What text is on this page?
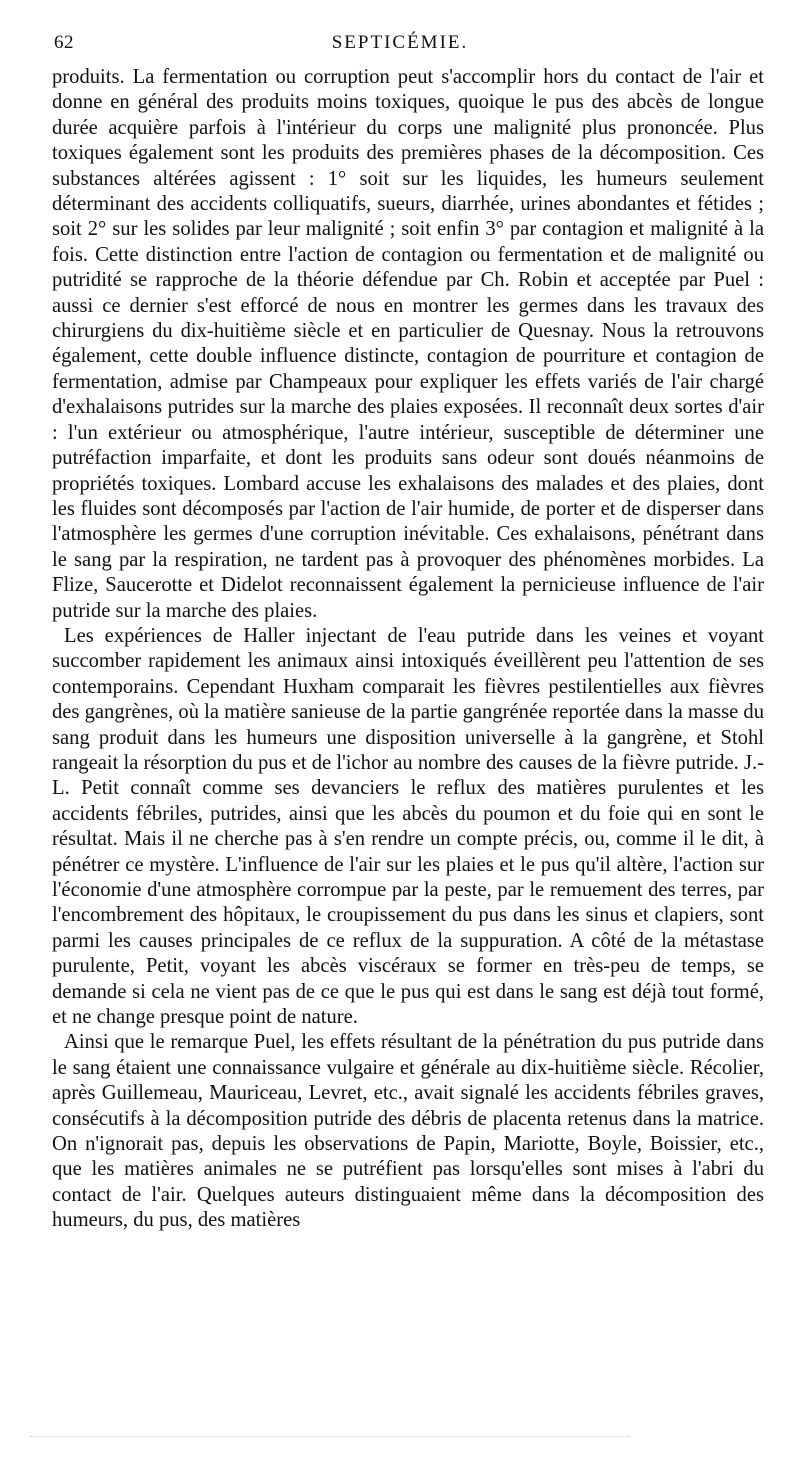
62	SEPTICÉMIE.

produits. La fermentation ou corruption peut s'accomplir hors du contact de l'air et donne en général des produits moins toxiques, quoique le pus des abcès de longue durée acquière parfois à l'intérieur du corps une malignité plus prononcée. Plus toxiques également sont les produits des premières phases de la décomposition. Ces substances altérées agissent : 1° soit sur les liquides, les humeurs seulement déterminant des accidents colliquatifs, sueurs, diarrhée, urines abondantes et fétides ; soit 2° sur les solides par leur malignité ; soit enfin 3° par contagion et malignité à la fois. Cette distinction entre l'action de contagion ou fermentation et de malignité ou putridité se rapproche de la théorie défendue par Ch. Robin et acceptée par Puel : aussi ce dernier s'est efforcé de nous en montrer les germes dans les travaux des chirurgiens du dix-huitième siècle et en particulier de Quesnay. Nous la retrouvons également, cette double influence distincte, contagion de pourriture et contagion de fermentation, admise par Champeaux pour expliquer les effets variés de l'air chargé d'exhalaisons putrides sur la marche des plaies exposées. Il reconnaît deux sortes d'air : l'un extérieur ou atmosphérique, l'autre intérieur, susceptible de déterminer une putréfaction imparfaite, et dont les produits sans odeur sont doués néanmoins de propriétés toxiques. Lombard accuse les exhalaisons des malades et des plaies, dont les fluides sont décomposés par l'action de l'air humide, de porter et de disperser dans l'atmosphère les germes d'une corruption inévitable. Ces exhalaisons, pénétrant dans le sang par la respiration, ne tardent pas à provoquer des phénomènes morbides. La Flize, Saucerotte et Didelot reconnaissent également la pernicieuse influence de l'air putride sur la marche des plaies.

Les expériences de Haller injectant de l'eau putride dans les veines et voyant succomber rapidement les animaux ainsi intoxiqués éveillèrent peu l'attention de ses contemporains. Cependant Huxham comparait les fièvres pestilentielles aux fièvres des gangrènes, où la matière sanieuse de la partie gangrénée reportée dans la masse du sang produit dans les humeurs une disposition universelle à la gangrène, et Stohl rangeait la résorption du pus et de l'ichor au nombre des causes de la fièvre putride. J.-L. Petit connaît comme ses devanciers le reflux des matières purulentes et les accidents fébriles, putrides, ainsi que les abcès du poumon et du foie qui en sont le résultat. Mais il ne cherche pas à s'en rendre un compte précis, ou, comme il le dit, à pénétrer ce mystère. L'influence de l'air sur les plaies et le pus qu'il altère, l'action sur l'économie d'une atmosphère corrompue par la peste, par le remuement des terres, par l'encombrement des hôpitaux, le croupissement du pus dans les sinus et clapiers, sont parmi les causes principales de ce reflux de la suppuration. A côté de la métastase purulente, Petit, voyant les abcès viscéraux se former en très-peu de temps, se demande si cela ne vient pas de ce que le pus qui est dans le sang est déjà tout formé, et ne change presque point de nature.

Ainsi que le remarque Puel, les effets résultant de la pénétration du pus putride dans le sang étaient une connaissance vulgaire et générale au dix-huitième siècle. Récolier, après Guillemeau, Mauriceau, Levret, etc., avait signalé les accidents fébriles graves, consécutifs à la décomposition putride des débris de placenta retenus dans la matrice. On n'ignorait pas, depuis les observations de Papin, Mariotte, Boyle, Boissier, etc., que les matières animales ne se putréfient pas lorsqu'elles sont mises à l'abri du contact de l'air. Quelques auteurs distinguaient même dans la décomposition des humeurs, du pus, des matières
